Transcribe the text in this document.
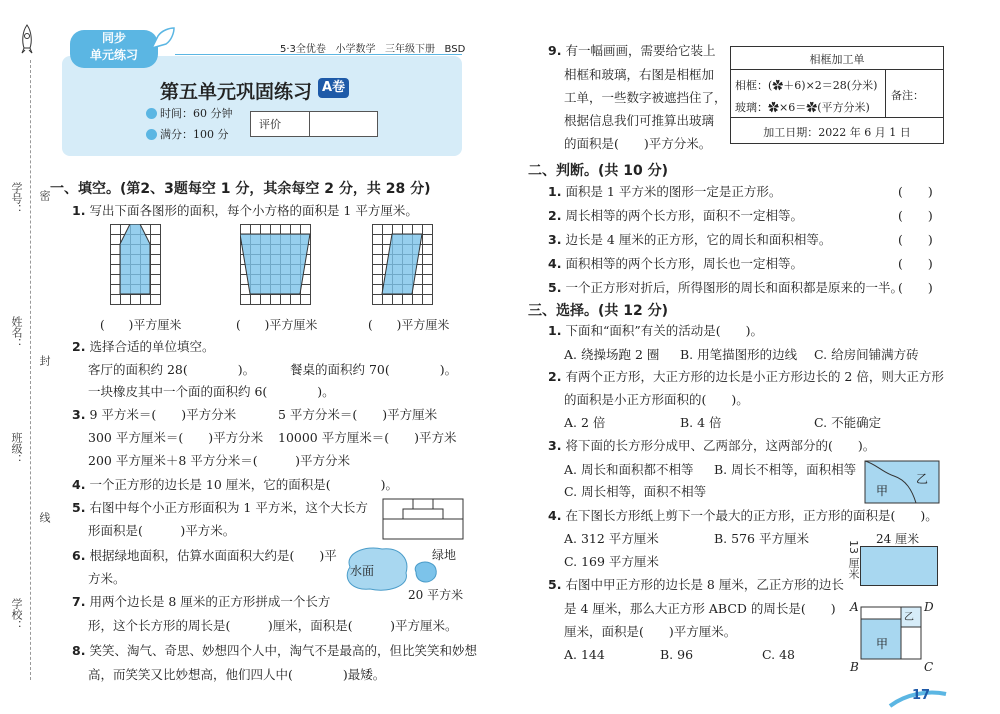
学号： 密
姓名：
封
班级：
线
学校：
同步
单元练习	5·3全优卷 小学数学 三年级下册 BSD
第五单元巩固练习 A卷
时间：60 分钟
满分：100 分
评价
一、填空。(第2、3题每空 1 分，其余每空 2 分，共 28 分)
1. 写出下面各图形的面积，每个小方格的面积是 1 平方厘米。
(　　)平方厘米	(　　)平方厘米	(　　)平方厘米
2. 选择合适的单位填空。
客厅的面积约 28(　　　　)。	餐桌的面积约 70(　　　　)。
一块橡皮其中一个面的面积约 6(　　　　)。
3. 9 平方米＝(　　)平方分米	5 平方分米＝(　　)平方厘米
300 平方厘米＝(　　)平方分米 10000 平方厘米＝(　　)平方米
200 平方厘米＋8 平方分米＝(　　　)平方分米
4. 一个正方形的边长是 10 厘米，它的面积是(　　　　)。
5. 右图中每个小正方形面积为 1 平方米，这个大长方
形面积是(　　　)平方米。
6. 根据绿地面积，估算水面面积大约是(　　)平
方米。	水面
绿地
20 平方米
7. 用两个边长是 8 厘米的正方形拼成一个长方
形，这个长方形的周长是(　　　)厘米，面积是(　　　)平方厘米。
8. 笑笑、淘气、奇思、妙想四个人中，淘气不是最高的，但比笑笑和妙想
高，而笑笑又比妙想高，他们四人中(　　　　)最矮。
9. 有一幅画画，需要给它装上
相框和玻璃，右图是相框加
工单，一些数字被遮挡住了，
根据信息我们可推算出玻璃
的面积是(　　)平方分米。
相框加工单
相框：(✿＋6)×2＝28(分米)
玻璃：✿×6＝✿(平方分米)
备注：
加工日期：2022 年 6 月 1 日
二、判断。(共 10 分)
1. 面积是 1 平方米的图形一定是正方形。	(　　)
2. 周长相等的两个长方形，面积不一定相等。	(　　)
3. 边长是 4 厘米的正方形，它的周长和面积相等。	(　　)
4. 面积相等的两个长方形，周长也一定相等。	(　　)
5. 一个正方形对折后，所得图形的周长和面积都是原来的一半。
(　　)
三、选择。(共 12 分)
1. 下面和“面积”有关的活动是(　　)。
A. 绕操场跑 2 圈 B. 用笔描图形的边线 C. 给房间铺满方砖
2. 有两个正方形，大正方形的边长是小正方形边长的 2 倍，则大正方形
的面积是小正方形面积的(　　)。
A. 2 倍	B. 4 倍	C. 不能确定
3. 将下面的长方形分成甲、乙两部分，这两部分的(　　)。
A. 周长和面积都不相等 B. 周长不相等，面积相等
C. 周长相等，面积不相等	甲
乙
4. 在下图长方形纸上剪下一个最大的正方形，正方形的面积是(　　)。
A. 312 平方厘米	B. 576 平方厘米
C. 169 平方厘米
24 厘米
13 厘米
5. 右图中甲正方形的边长是 8 厘米，乙正方形的边长
是 4 厘米，那么大正方形 ABCD 的周长是(　　)
厘米，面积是(　　)平方厘米。
A. 144	B. 96	C. 48
A	D
B	C
甲
乙
17
